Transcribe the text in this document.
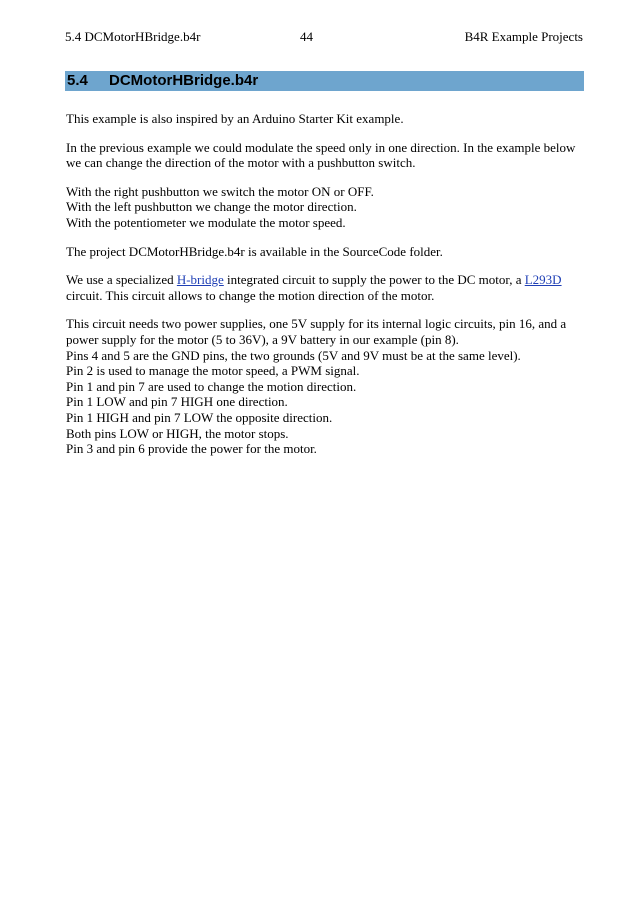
5.4 DCMotorHBridge.b4r	44	B4R Example Projects
5.4 DCMotorHBridge.b4r

This example is also inspired by an Arduino Starter Kit example.

In the previous example we could modulate the speed only in one direction. In the example below we can change the direction of the motor with a pushbutton switch.

With the right pushbutton we switch the motor ON or OFF.
With the left pushbutton we change the motor direction.
With the potentiometer we modulate the motor speed.

The project DCMotorHBridge.b4r is available in the SourceCode folder.

We use a specialized H-bridge integrated circuit to supply the power to the DC motor, a L293D circuit. This circuit allows to change the motion direction of the motor.

This circuit needs two power supplies, one 5V supply for its internal logic circuits, pin 16, and a power supply for the motor (5 to 36V), a 9V battery in our example (pin 8).
Pins 4 and 5 are the GND pins, the two grounds (5V and 9V must be at the same level).
Pin 2 is used to manage the motor speed, a PWM signal.
Pin 1 and pin 7 are used to change the motion direction.
Pin 1 LOW and pin 7 HIGH one direction.
Pin 1 HIGH and pin 7 LOW the opposite direction.
Both pins LOW or HIGH, the motor stops.
Pin 3 and pin 6 provide the power for the motor.
